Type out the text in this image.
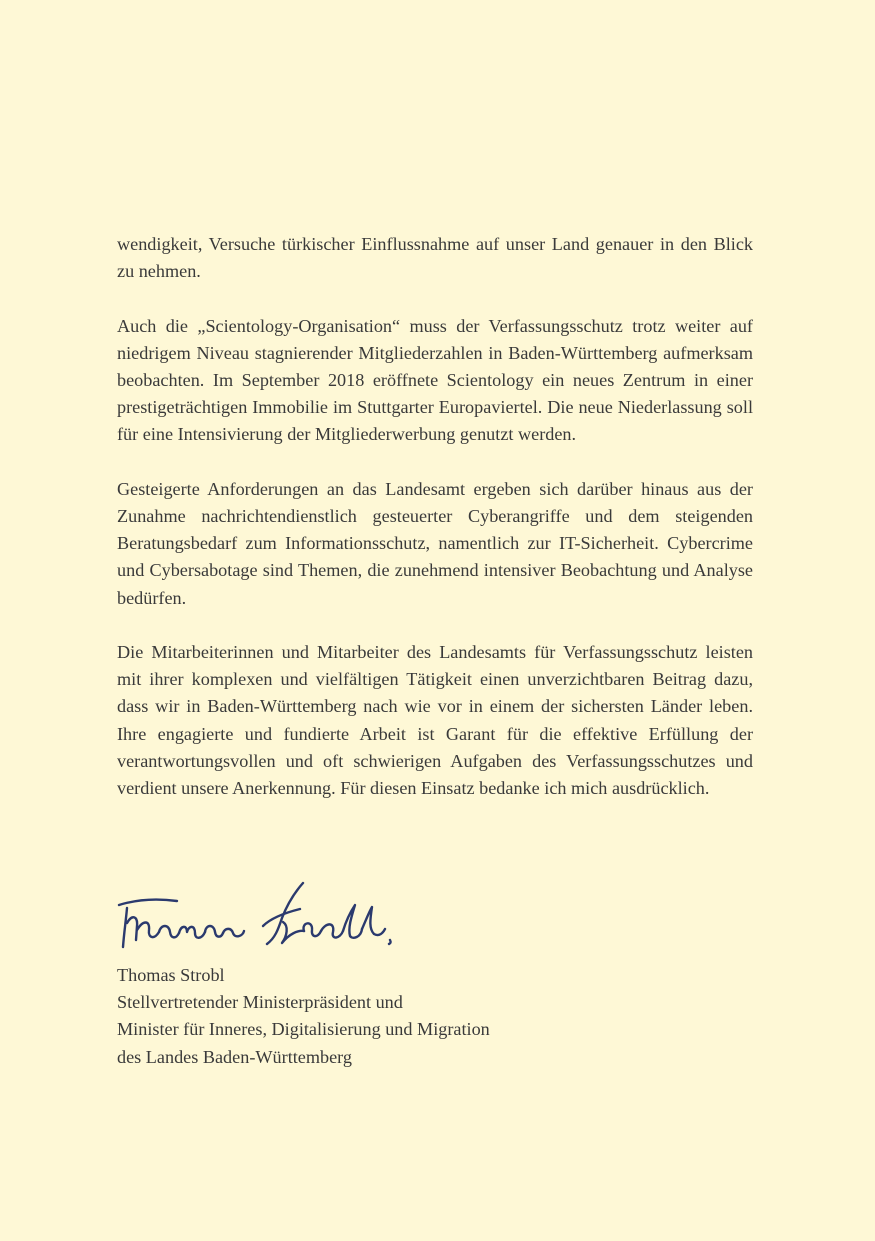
wendigkeit, Versuche türkischer Einflussnahme auf unser Land genauer in den Blick zu nehmen.

Auch die „Scientology-Organisation“ muss der Verfassungsschutz trotz weiter auf niedrigem Niveau stagnierender Mitgliederzahlen in Baden-Württemberg aufmerksam beobachten. Im September 2018 eröffnete Scientology ein neues Zentrum in einer prestigeträchtigen Immobilie im Stuttgarter Europaviertel. Die neue Niederlassung soll für eine Intensivierung der Mitgliederwerbung genutzt werden.

Gesteigerte Anforderungen an das Landesamt ergeben sich darüber hinaus aus der Zunahme nachrichtendienstlich gesteuerter Cyberangriffe und dem steigenden Beratungsbedarf zum Informationsschutz, namentlich zur IT-Sicherheit. Cybercrime und Cybersabotage sind Themen, die zunehmend intensiver Beobachtung und Analyse bedürfen.

Die Mitarbeiterinnen und Mitarbeiter des Landesamts für Verfassungsschutz leisten mit ihrer komplexen und vielfältigen Tätigkeit einen unverzichtbaren Beitrag dazu, dass wir in Baden-Württemberg nach wie vor in einem der sichersten Länder leben. Ihre engagierte und fundierte Arbeit ist Garant für die effektive Erfüllung der verantwortungsvollen und oft schwierigen Aufgaben des Verfassungsschutzes und verdient unsere Anerkennung. Für diesen Einsatz bedanke ich mich ausdrücklich.

Thomas Strobl
Stellvertretender Ministerpräsident und
Minister für Inneres, Digitalisierung und Migration
des Landes Baden-Württemberg
